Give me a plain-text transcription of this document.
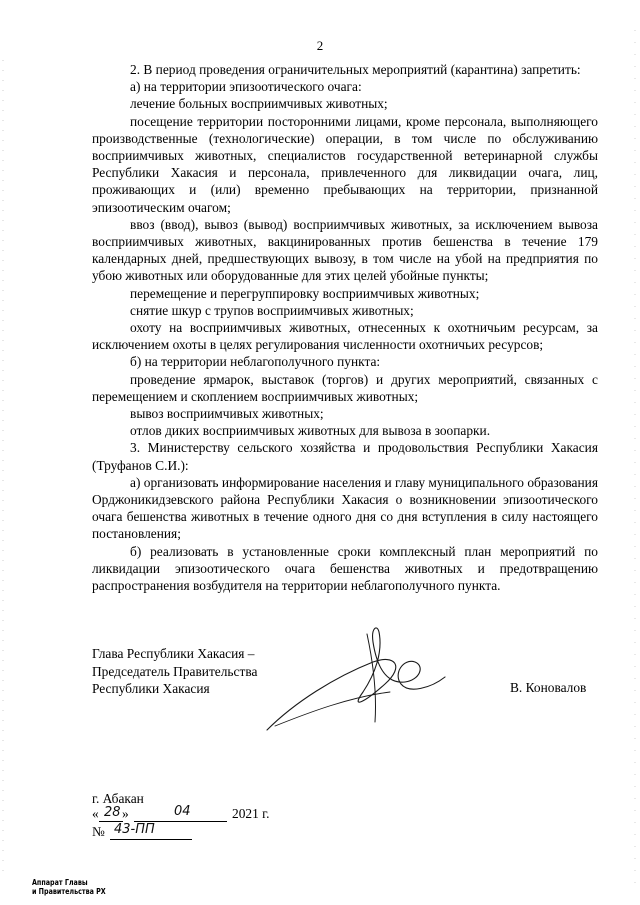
2

2. В период проведения ограничительных мероприятий (карантина) запретить:

а) на территории эпизоотического очага:

лечение больных восприимчивых животных;

посещение территории посторонними лицами, кроме персонала, выполняющего производственные (технологические) операции, в том числе по обслуживанию восприимчивых животных, специалистов государственной ветеринарной службы Республики Хакасия и персонала, привлеченного для ликвидации очага, лиц, проживающих и (или) временно пребывающих на территории, признанной эпизоотическим очагом;

ввоз (ввод), вывоз (вывод) восприимчивых животных, за исключением вывоза восприимчивых животных, вакцинированных против бешенства в течение 179 календарных дней, предшествующих вывозу, в том числе на убой на предприятия по убою животных или оборудованные для этих целей убойные пункты;

перемещение и перегруппировку восприимчивых животных;

снятие шкур с трупов восприимчивых животных;

охоту на восприимчивых животных, отнесенных к охотничьим ресурсам, за исключением охоты в целях регулирования численности охотничьих ресурсов;

б) на территории неблагополучного пункта:

проведение ярмарок, выставок (торгов) и других мероприятий, связанных с перемещением и скоплением восприимчивых животных;

вывоз восприимчивых животных;

отлов диких восприимчивых животных для вывоза в зоопарки.

3. Министерству сельского хозяйства и продовольствия Республики Хакасия (Труфанов С.И.):

а) организовать информирование населения и главу муниципального образования Орджоникидзевского района Республики Хакасия о возникновении эпизоотического очага бешенства животных в течение одного дня со дня вступления в силу настоящего постановления;

б) реализовать в установленные сроки комплексный план мероприятий по ликвидации эпизоотического очага бешенства животных и предотвращению распространения возбудителя на территории неблагополучного пункта.

Глава Республики Хакасия –
Председатель Правительства
Республики Хакасия	В. Коновалов
г. Абакан
« 28 »	04	2021 г.
№ 43-ПП
Аппарат Главы
и Правительства РХ
